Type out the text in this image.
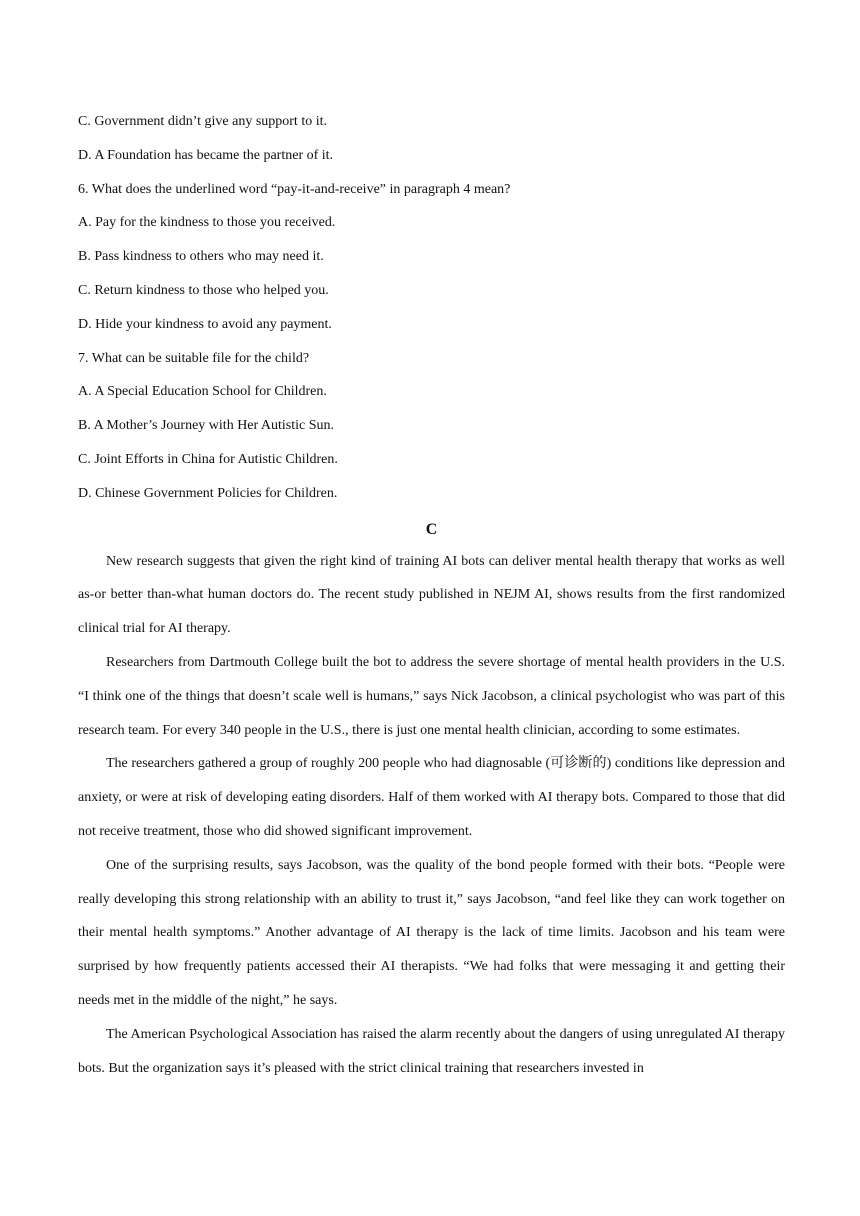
C. Government didn’t give any support to it.

D. A Foundation has became the partner of it.

6. What does the underlined word “pay-it-and-receive” in paragraph 4 mean?

A. Pay for the kindness to those you received.

B. Pass kindness to others who may need it.

C. Return kindness to those who helped you.

D. Hide your kindness to avoid any payment.

7. What can be suitable file for the child?

A. A Special Education School for Children.

B. A Mother’s Journey with Her Autistic Sun.

C. Joint Efforts in China for Autistic Children.

D. Chinese Government Policies for Children.

C

New research suggests that given the right kind of training AI bots can deliver mental health therapy that works as well as-or better than-what human doctors do. The recent study published in NEJM AI, shows results from the first randomized clinical trial for AI therapy.

Researchers from Dartmouth College built the bot to address the severe shortage of mental health providers in the U.S. “I think one of the things that doesn’t scale well is humans,” says Nick Jacobson, a clinical psychologist who was part of this research team. For every 340 people in the U.S., there is just one mental health clinician, according to some estimates.

The researchers gathered a group of roughly 200 people who had diagnosable (可诊断的) conditions like depression and anxiety, or were at risk of developing eating disorders. Half of them worked with AI therapy bots. Compared to those that did not receive treatment, those who did showed significant improvement.

One of the surprising results, says Jacobson, was the quality of the bond people formed with their bots. “People were really developing this strong relationship with an ability to trust it,” says Jacobson, “and feel like they can work together on their mental health symptoms.” Another advantage of AI therapy is the lack of time limits. Jacobson and his team were surprised by how frequently patients accessed their AI therapists. “We had folks that were messaging it and getting their needs met in the middle of the night,” he says.

The American Psychological Association has raised the alarm recently about the dangers of using unregulated AI therapy bots. But the organization says it’s pleased with the strict clinical training that researchers invested in
